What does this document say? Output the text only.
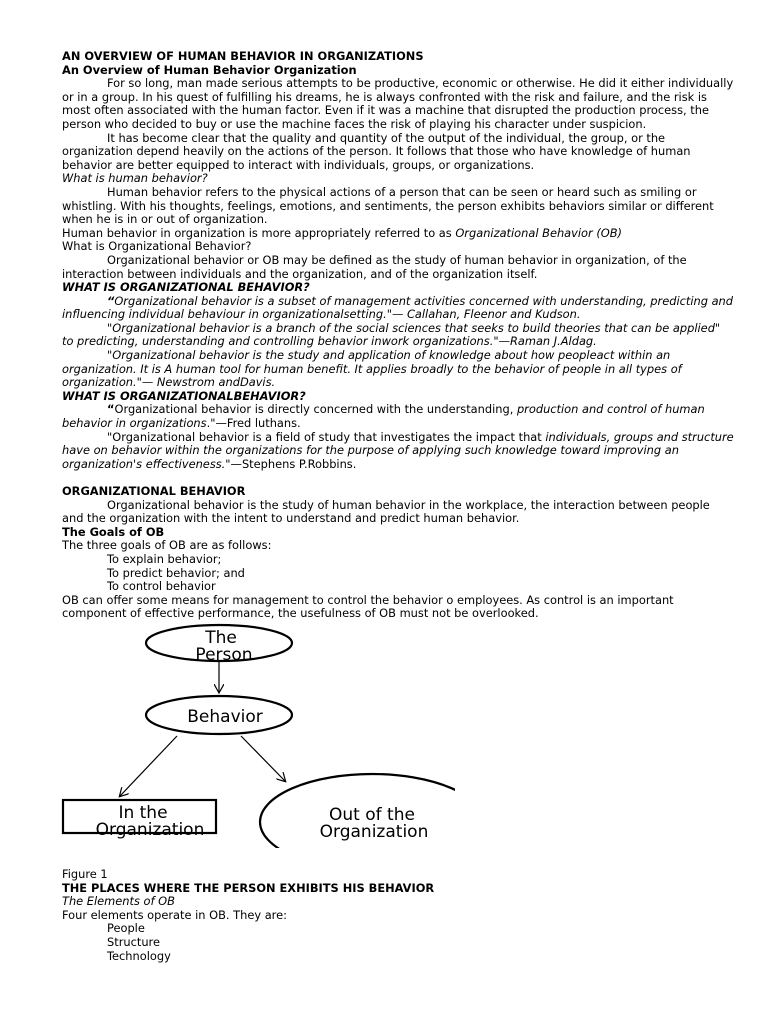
AN OVERVIEW OF HUMAN BEHAVIOR IN ORGANIZATIONS

An Overview of Human Behavior Organization

For so long, man made serious attempts to be productive, economic or otherwise. He did it either individually or in a group. In his quest of fulfilling his dreams, he is always confronted with the risk and failure, and the risk is most often associated with the human factor. Even if it was a machine that disrupted the production process, the person who decided to buy or use the machine faces the risk of playing his character under suspicion.

It has become clear that the quality and quantity of the output of the individual, the group, or the organization depend heavily on the actions of the person. It follows that those who have knowledge of human behavior are better equipped to interact with individuals, groups, or organizations.

What is human behavior?

Human behavior refers to the physical actions of a person that can be seen or heard such as smiling or whistling. With his thoughts, feelings, emotions, and sentiments, the person exhibits behaviors similar or different when he is in or out of organization.

Human behavior in organization is more appropriately referred to as Organizational Behavior (OB)

What is Organizational Behavior?

Organizational behavior or OB may be defined as the study of human behavior in organization, of the interaction between individuals and the organization, and of the organization itself.

WHAT IS ORGANIZATIONAL BEHAVIOR?

“Organizational behavior is a subset of management activities concerned with understanding, predicting and influencing individual behaviour in organizationalsetting."— Callahan, Fleenor and Kudson.

"Organizational behavior is a branch of the social sciences that seeks to build theories that can be applied" to predicting, understanding and controlling behavior inwork organizations."—Raman J.Aldag.

"Organizational behavior is the study and application of knowledge about how peopleact within an organization. It is A human tool for human benefit. It applies broadly to the behavior of people in all types of organization."— Newstrom andDavis.

WHAT IS ORGANIZATIONALBEHAVIOR?

“Organizational behavior is directly concerned with the understanding, production and control of human behavior in organizations."—Fred luthans.

"Organizational behavior is a field of study that investigates the impact that individuals, groups and structure have on behavior within the organizations for the purpose of applying such knowledge toward improving an organization's effectiveness."—Stephens P.Robbins.

ORGANIZATIONAL BEHAVIOR

Organizational behavior is the study of human behavior in the workplace, the interaction between people and the organization with the intent to understand and predict human behavior.

The Goals of OB

The three goals of OB are as follows:

To explain behavior;

To predict behavior; and

To control behavior

OB can offer some means for management to control the behavior o employees. As control is an important component of effective performance, the usefulness of OB must not be overlooked.

The
Person
Behavior
In the
Organization
Out of the
Organization

Figure 1

THE PLACES WHERE THE PERSON EXHIBITS HIS BEHAVIOR

The Elements of OB

Four elements operate in OB. They are:

People

Structure

Technology
